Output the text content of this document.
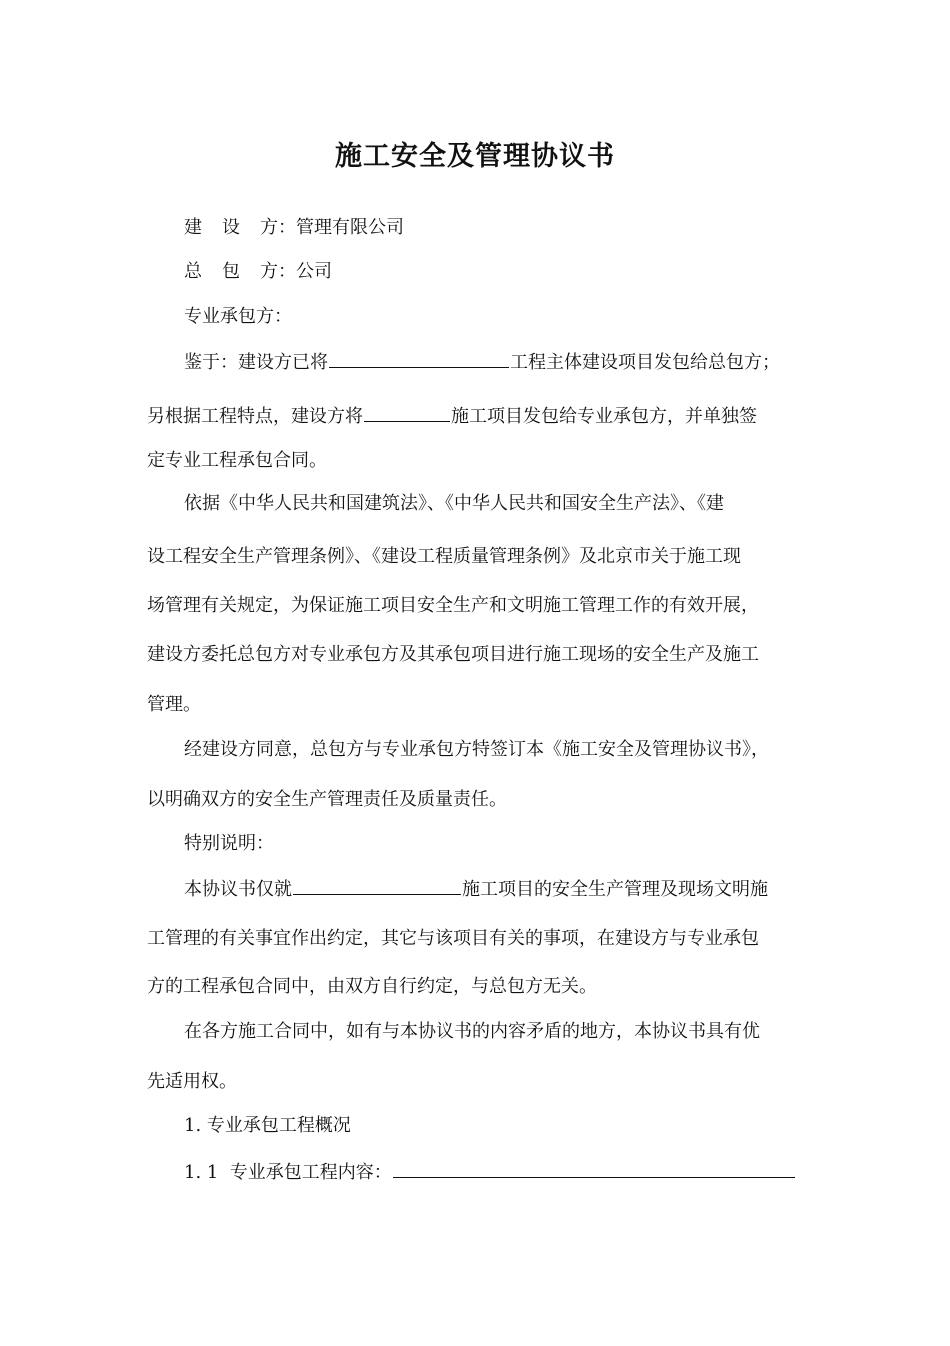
施工安全及管理协议书
建 设 方：管理有限公司
总 包 方：公司
专业承包方：
鉴于：建设方已将	工程主体建设项目发包给总包方；
另根据工程特点，建设方将	施工项目发包给专业承包方，并单独签
定专业工程承包合同。
依据《中华人民共和国建筑法》、《中华人民共和国安全生产法》、《建
设工程安全生产管理条例》、《建设工程质量管理条例》及北京市关于施工现
场管理有关规定，为保证施工项目安全生产和文明施工管理工作的有效开展，
建设方委托总包方对专业承包方及其承包项目进行施工现场的安全生产及施工
管理。
经建设方同意，总包方与专业承包方特签订本《施工安全及管理协议书》，
以明确双方的安全生产管理责任及质量责任。
特别说明：
本协议书仅就	施工项目的安全生产管理及现场文明施
工管理的有关事宜作出约定，其它与该项目有关的事项，在建设方与专业承包
方的工程承包合同中，由双方自行约定，与总包方无关。
在各方施工合同中，如有与本协议书的内容矛盾的地方，本协议书具有优
先适用权。
1. 专业承包工程概况
1. 1  专业承包工程内容：
